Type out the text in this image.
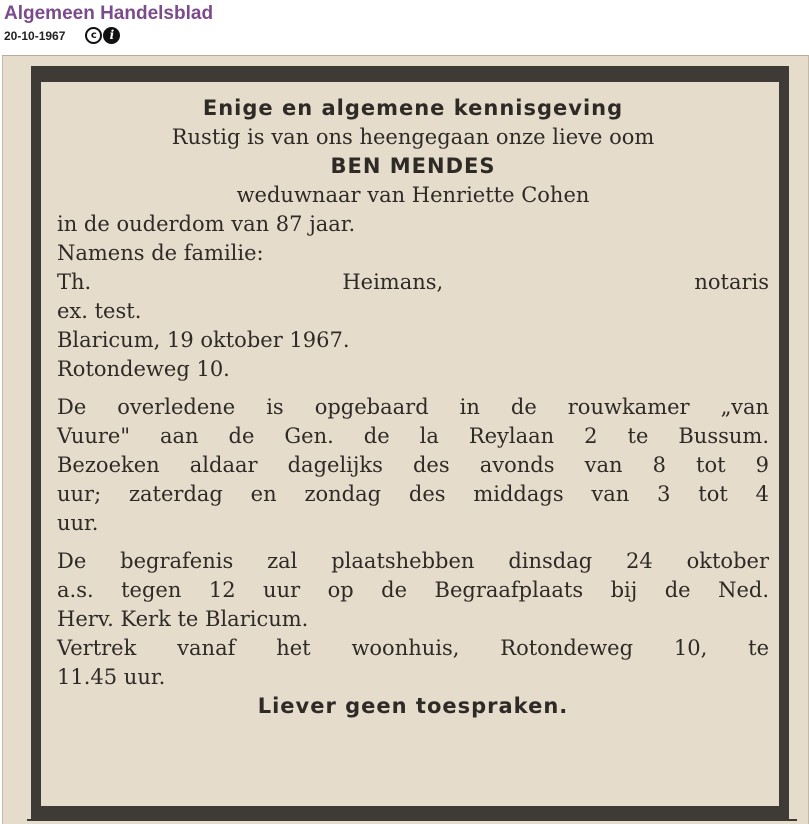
Algemeen Handelsblad
20-10-1967	c	i

Enige en algemene kennisgeving

Rustig is van ons heengegaan onze lieve oom

BEN MENDES

weduwnaar van Henriette Cohen

in de ouderdom van 87 jaar.

Namens de familie:

Th. Heimans, notaris

ex. test.

Blaricum, 19 oktober 1967.

Rotondeweg 10.

De overledene is opgebaard in de rouwkamer „van
Vuure" aan de Gen. de la Reylaan 2 te Bussum.
Bezoeken aldaar dagelijks des avonds van 8 tot 9
uur; zaterdag en zondag des middags van 3 tot 4
uur.
De begrafenis zal plaatshebben dinsdag 24 oktober
a.s. tegen 12 uur op de Begraafplaats bij de Ned.
Herv. Kerk te Blaricum.
Vertrek vanaf het woonhuis, Rotondeweg 10, te
11.45 uur.

Liever geen toespraken.
